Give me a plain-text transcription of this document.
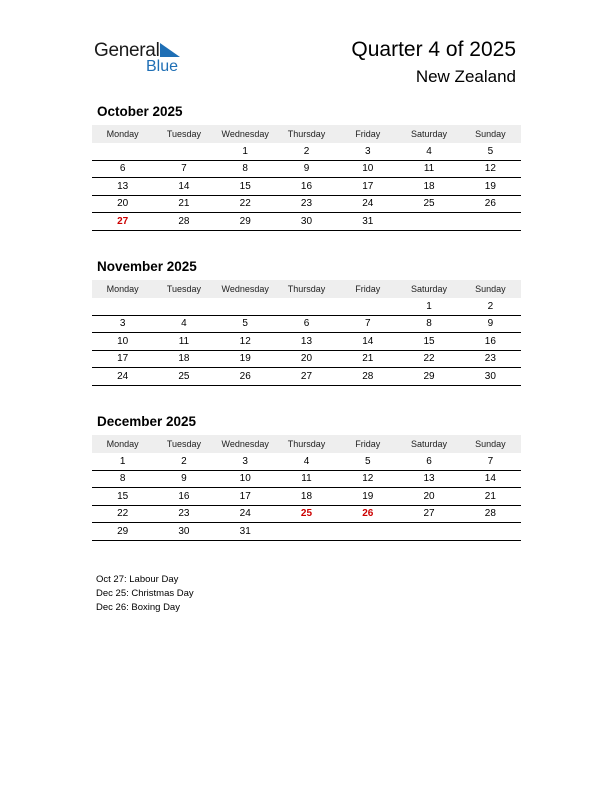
General
Blue
Quarter 4 of 2025
New Zealand
October 2025
Monday	Tuesday	Wednesday	Thursday	Friday	Saturday	Sunday
		1	2	3	4	5
6	7	8	9	10	11	12
13	14	15	16	17	18	19
20	21	22	23	24	25	26
27	28	29	30	31		
November 2025
Monday	Tuesday	Wednesday	Thursday	Friday	Saturday	Sunday
					1	2
3	4	5	6	7	8	9
10	11	12	13	14	15	16
17	18	19	20	21	22	23
24	25	26	27	28	29	30
December 2025
Monday	Tuesday	Wednesday	Thursday	Friday	Saturday	Sunday
1	2	3	4	5	6	7
8	9	10	11	12	13	14
15	16	17	18	19	20	21
22	23	24	25	26	27	28
29	30	31				
Oct 27: Labour Day
Dec 25: Christmas Day
Dec 26: Boxing Day
